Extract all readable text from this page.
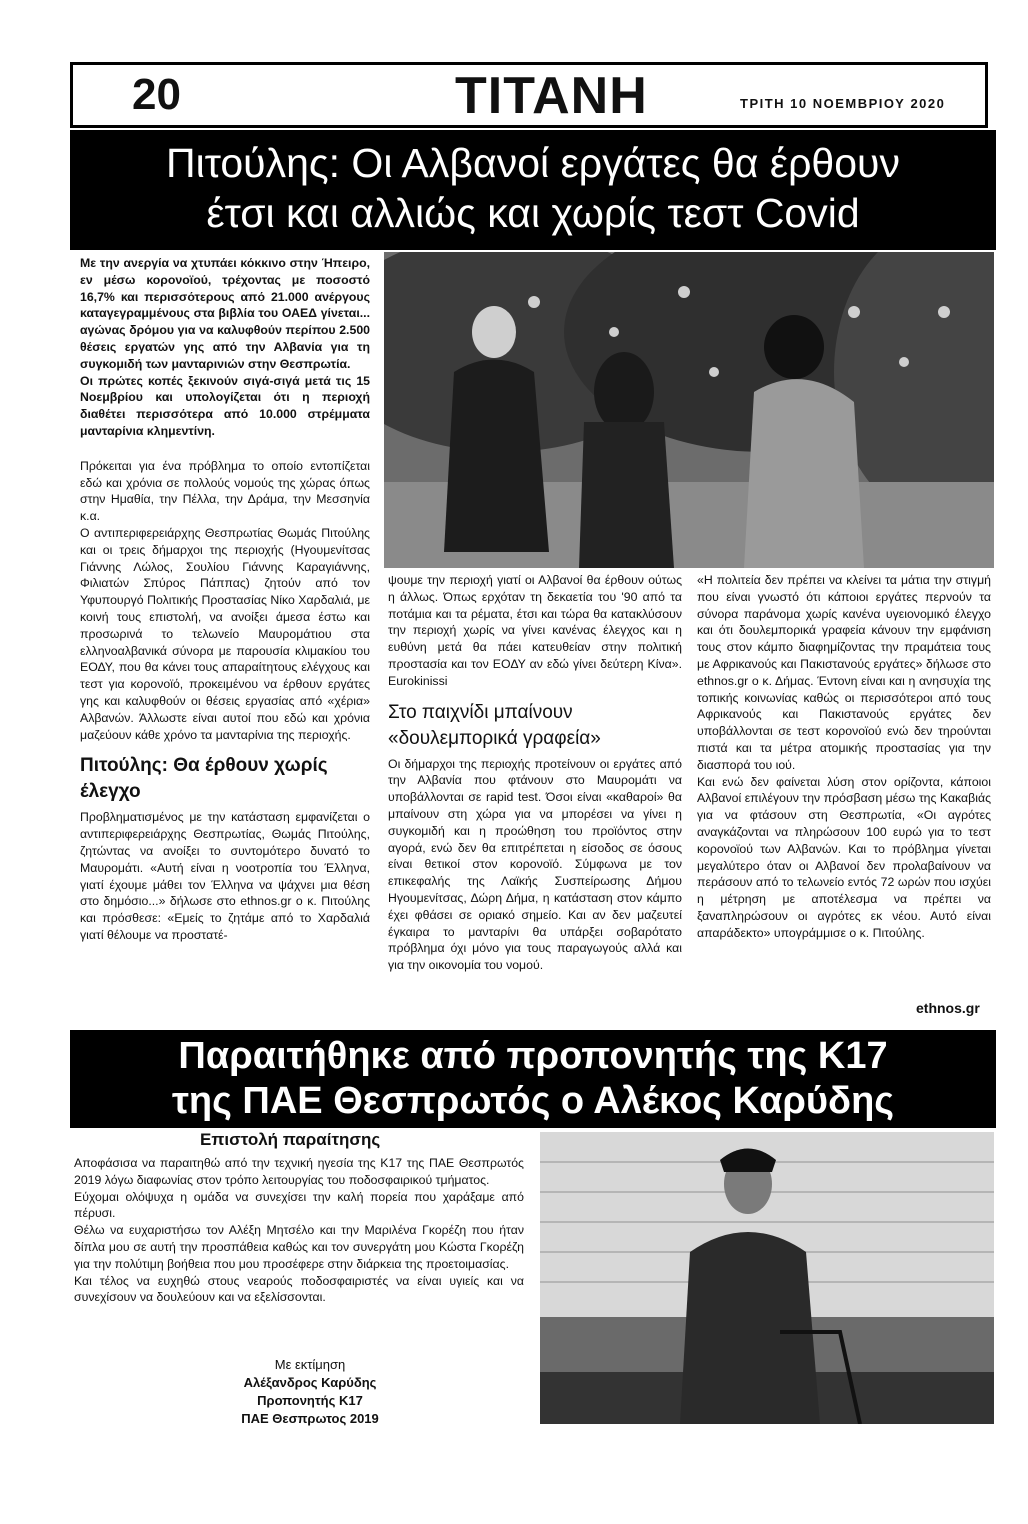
20	ΤΙΤΑΝΗ	ΤΡΙΤΗ 10 ΝΟΕΜΒΡΙΟΥ 2020
Πιτούλης: Οι Αλβανοί εργάτες θα έρθουν
έτσι και αλλιώς και χωρίς τεστ Covid

Με την ανεργία να χτυπάει κόκκινο στην Ήπειρο, εν μέσω κορονοϊού, τρέχοντας με ποσοστό 16,7% και περισσότερους από 21.000 ανέργους καταγεγραμμένους στα βιβλία του ΟΑΕΔ γίνεται... αγώνας δρόμου για να καλυφθούν περίπου 2.500 θέσεις εργατών γης από την Αλβανία για τη συγκομιδή των μανταρινιών στην Θεσπρωτία.

Οι πρώτες κοπές ξεκινούν σιγά-σιγά μετά τις 15 Νοεμβρίου και υπολογίζεται ότι η περιοχή διαθέτει περισσότερα από 10.000 στρέμματα μανταρίνια κλημεντίνη.

Πρόκειται για ένα πρόβλημα το οποίο εντοπίζεται εδώ και χρόνια σε πολλούς νομούς της χώρας όπως στην Ημαθία, την Πέλλα, την Δράμα, την Μεσσηνία κ.α.

Ο αντιπεριφερειάρχης Θεσπρωτίας Θωμάς Πιτούλης και οι τρεις δήμαρχοι της περιοχής (Ηγουμενίτσας Γιάννης Λώλος, Σουλίου Γιάννης Καραγιάννης, Φιλιατών Σπύρος Πάππας) ζητούν από τον Υφυπουργό Πολιτικής Προστασίας Νίκο Χαρδαλιά, με κοινή τους επιστολή, να ανοίξει άμεσα έστω και προσωρινά το τελωνείο Μαυρομάτιου στα ελληνοαλβανικά σύνορα με παρουσία κλιμακίου του ΕΟΔΥ, που θα κάνει τους απαραίτητους ελέγχους και τεστ για κορονοϊό, προκειμένου να έρθουν εργάτες γης και καλυφθούν οι θέσεις εργασίας από «χέρια» Αλβανών. Άλλωστε είναι αυτοί που εδώ και χρόνια μαζεύουν κάθε χρόνο τα μανταρίνια της περιοχής.

Πιτούλης: Θα έρθουν χωρίς έλεγχο

Προβληματισμένος με την κατάσταση εμφανίζεται ο αντιπεριφερειάρχης Θεσπρωτίας, Θωμάς Πιτούλης, ζητώντας να ανοίξει το συντομότερο δυνατό το Μαυρομάτι. «Αυτή είναι η νοοτροπία του Έλληνα, γιατί έχουμε μάθει τον Έλληνα να ψάχνει μια θέση στο δημόσιο...» δήλωσε στο ethnos.gr ο κ. Πιτούλης και πρόσθεσε: «Εμείς το ζητάμε από το Χαρδαλιά γιατί θέλουμε να προστατέ-

ψουμε την περιοχή γιατί οι Αλβανοί θα έρθουν ούτως η άλλως. Όπως ερχόταν τη δεκαετία του '90 από τα ποτάμια και τα ρέματα, έτσι και τώρα θα κατακλύσουν την περιοχή χωρίς να γίνει κανένας έλεγχος και η ευθύνη μετά θα πάει κατευθείαν στην πολιτική προστασία και τον ΕΟΔΥ αν εδώ γίνει δεύτερη Κίνα». Eurokinissi

Στο παιχνίδι μπαίνουν «δουλεμπορικά γραφεία»

Οι δήμαρχοι της περιοχής προτείνουν οι εργάτες από την Αλβανία που φτάνουν στο Μαυρομάτι να υποβάλλονται σε rapid test. Όσοι είναι «καθαροί» θα μπαίνουν στη χώρα για να μπορέσει να γίνει η συγκομιδή και η προώθηση του προϊόντος στην αγορά, ενώ δεν θα επιτρέπεται η είσοδος σε όσους είναι θετικοί στον κορονοϊό. Σύμφωνα με τον επικεφαλής της Λαϊκής Συσπείρωσης Δήμου Ηγουμενίτσας, Δώρη Δήμα, η κατάσταση στον κάμπο έχει φθάσει σε οριακό σημείο. Και αν δεν μαζευτεί έγκαιρα το μανταρίνι θα υπάρξει σοβαρότατο πρόβλημα όχι μόνο για τους παραγωγούς αλλά και για την οικονομία του νομού.

«Η πολιτεία δεν πρέπει να κλείνει τα μάτια την στιγμή που είναι γνωστό ότι κάποιοι εργάτες περνούν τα σύνορα παράνομα χωρίς κανένα υγειονομικό έλεγχο και ότι δουλεμπορικά γραφεία κάνουν την εμφάνιση τους στον κάμπο διαφημίζοντας την πραμάτεια τους με Αφρικανούς και Πακιστανούς εργάτες» δήλωσε στο ethnos.gr ο κ. Δήμας. Έντονη είναι και η ανησυχία της τοπικής κοινωνίας καθώς οι περισσότεροι από τους Αφρικανούς και Πακιστανούς εργάτες δεν υποβάλλονται σε τεστ κορονοϊού ενώ δεν τηρούνται πιστά και τα μέτρα ατομικής προστασίας για την διασπορά του ιού.

Και ενώ δεν φαίνεται λύση στον ορίζοντα, κάποιοι Αλβανοί επιλέγουν την πρόσβαση μέσω της Κακαβιάς για να φτάσουν στη Θεσπρωτία, «Οι αγρότες αναγκάζονται να πληρώσουν 100 ευρώ για το τεστ κορονοϊού των Αλβανών. Και το πρόβλημα γίνεται μεγαλύτερο όταν οι Αλβανοί δεν προλαβαίνουν να περάσουν από το τελωνείο εντός 72 ωρών που ισχύει η μέτρηση με αποτέλεσμα να πρέπει να ξαναπληρώσουν οι αγρότες εκ νέου. Αυτό είναι απαράδεκτο» υπογράμμισε ο κ. Πιτούλης.

ethnos.gr
Παραιτήθηκε από προπονητής της Κ17
της ΠΑΕ Θεσπρωτός ο Αλέκος Καρύδης
Επιστολή παραίτησης

Αποφάσισα να παραιτηθώ από την τεχνική ηγεσία της Κ17 της ΠΑΕ Θεσπρωτός 2019 λόγω διαφωνίας στον τρόπο λειτουργίας του ποδοσφαιρικού τμήματος.

Εύχομαι ολόψυχα η ομάδα να συνεχίσει την καλή πορεία που χαράξαμε από πέρυσι.

Θέλω να ευχαριστήσω τον Αλέξη Μητσέλο και την Μαριλένα Γκορέζη που ήταν δίπλα μου σε αυτή την προσπάθεια καθώς και τον συνεργάτη μου Κώστα Γκορέζη για την πολύτιμη βοήθεια που μου προσέφερε στην διάρκεια της προετοιμασίας.

Και τέλος να ευχηθώ στους νεαρούς ποδοσφαιριστές να είναι υγιείς και να συνεχίσουν να δουλεύουν και να εξελίσσονται.

Με εκτίμηση
Αλέξανδρος Καρύδης
Προπονητής Κ17
ΠΑΕ Θεσπρωτος 2019
